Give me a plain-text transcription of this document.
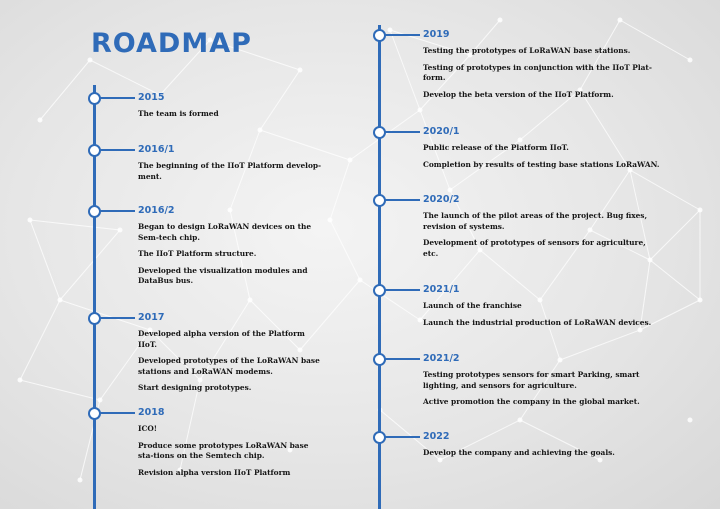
ROADMAP
2015
The team is formed
2016/1
The beginning of the IIoT Platform develop-ment.
2016/2
Began to design LoRaWAN devices on the Sem-tech chip.
The IIoT Platform structure.
Developed the visualization modules and DataBus bus.
2017
Developed alpha version of the Platform IIoT.
Developed prototypes of the LoRaWAN base stations and LoRaWAN modems.
Start designing prototypes.
2018
ICO!
Produce some prototypes LoRaWAN base sta-tions on the Semtech chip.
Revision alpha version IIoT Platform
2019
Testing the prototypes of LoRaWAN base stations.
Testing of prototypes in conjunction with the IIoT Plat-form.
Develop the beta version of the IIoT Platform.
2020/1
Public release of the Platform IIoT.
Completion by results of testing base stations LoRaWAN.
2020/2
The launch of the pilot areas of the project. Bug fixes, revision of systems.
Development of prototypes of sensors for agriculture, etc.
2021/1
Launch of the franchise
Launch the industrial production of LoRaWAN devices.
2021/2
Testing prototypes sensors for smart Parking, smart lighting, and sensors for agriculture.
Active promotion the company in the global market.
2022
Develop the company and achieving the goals.
